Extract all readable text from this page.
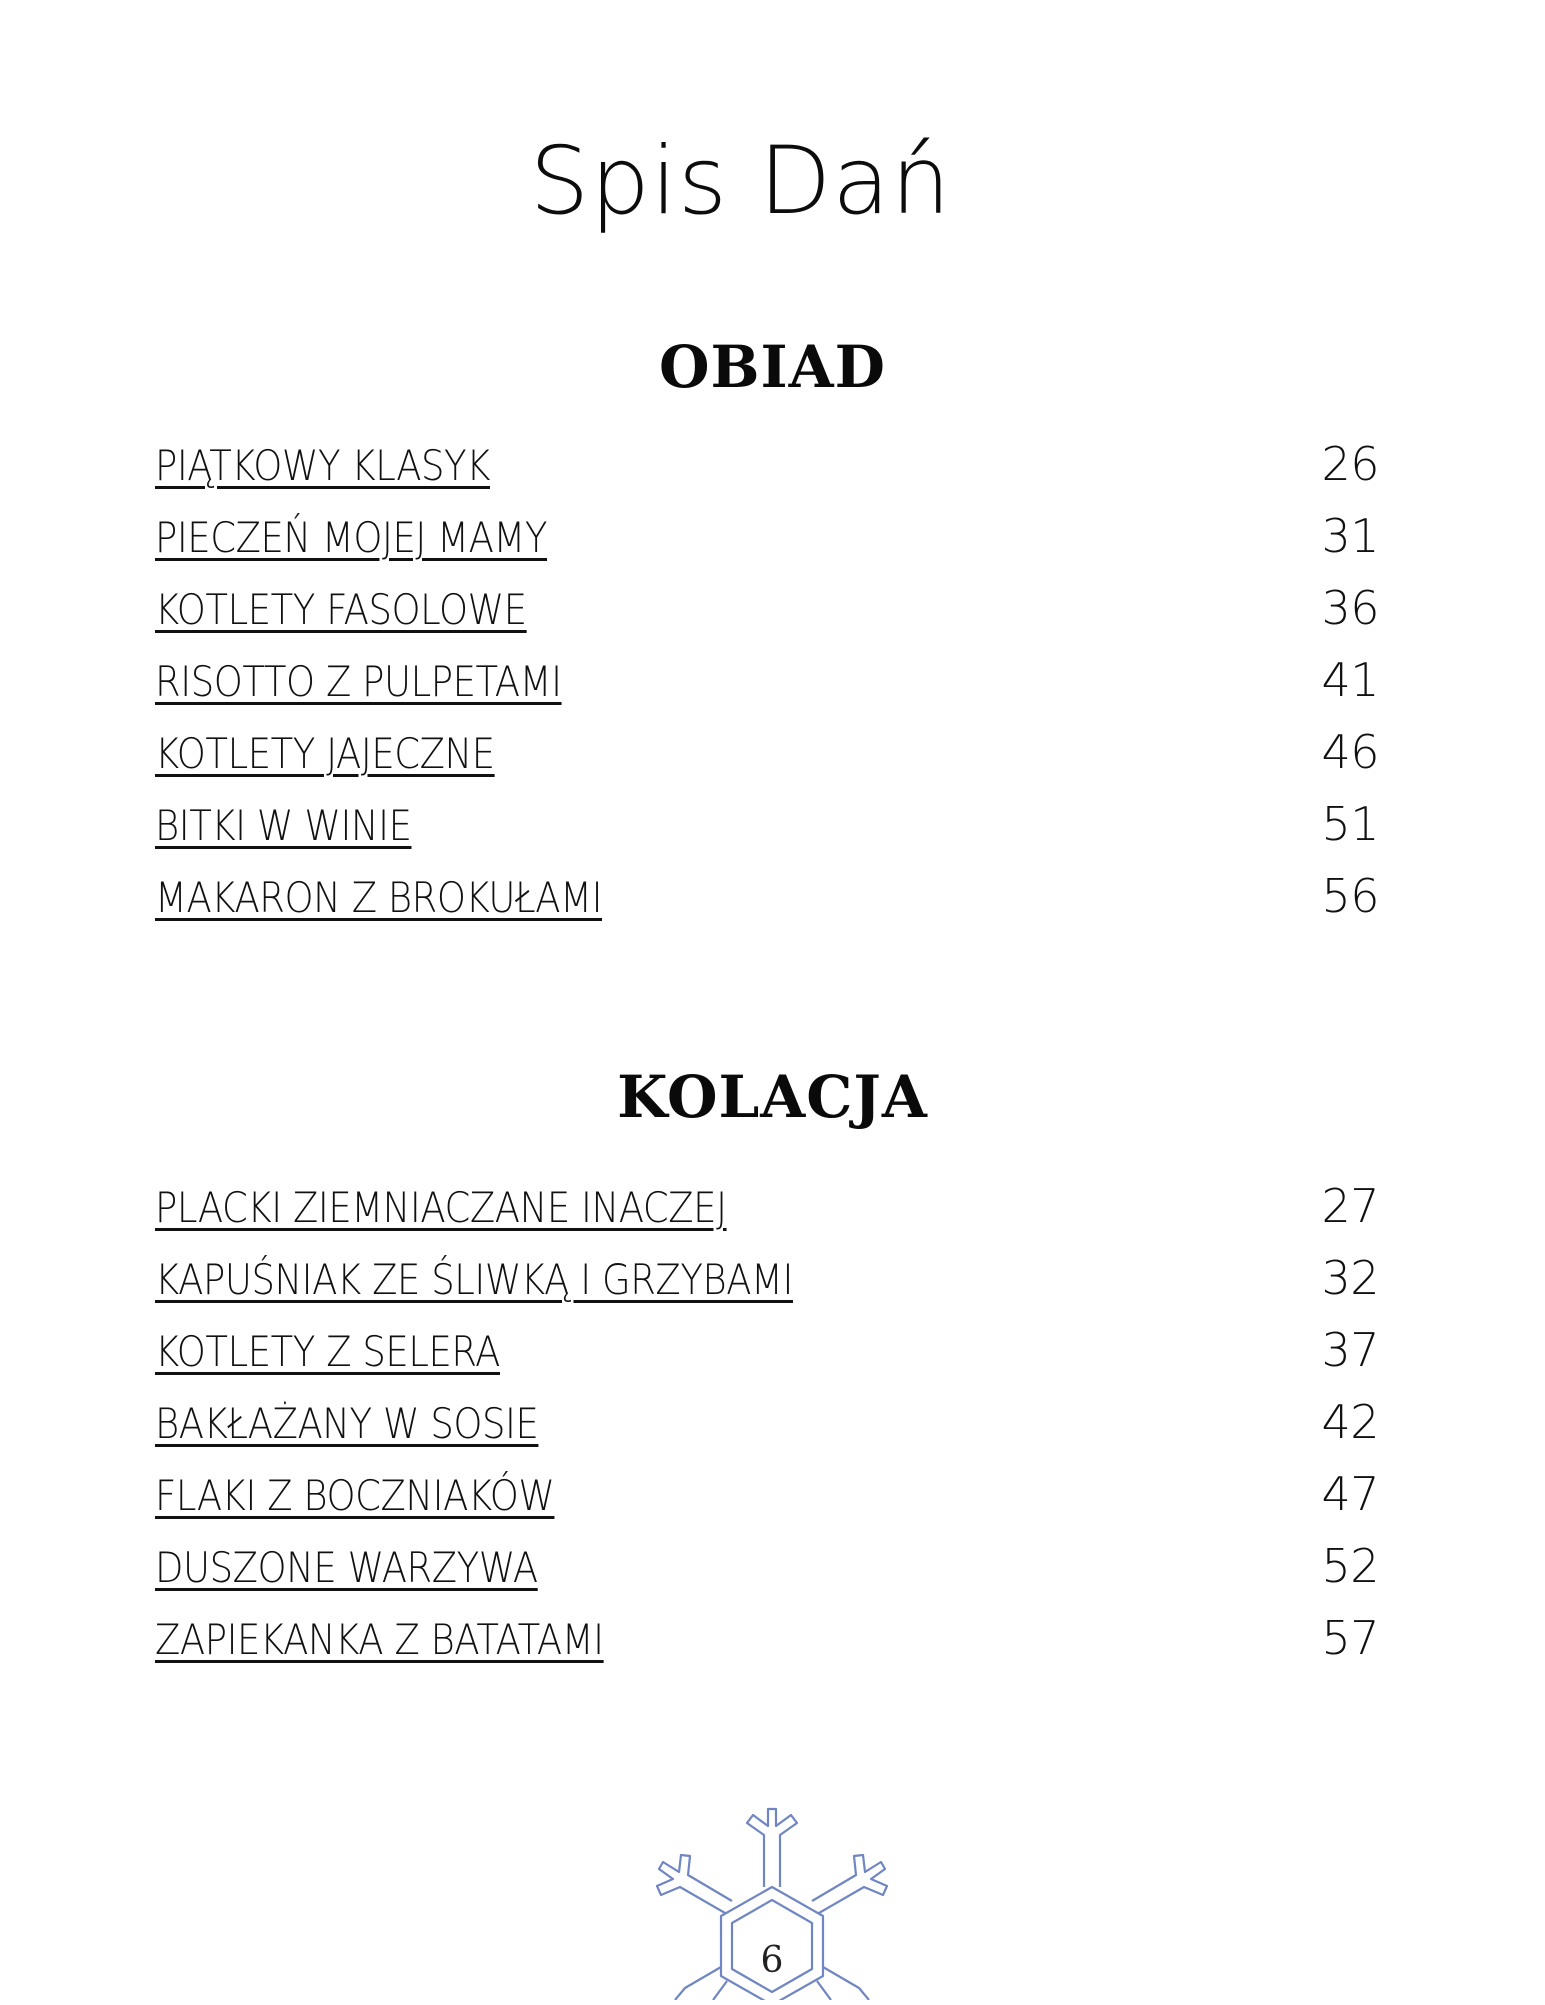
Spis Dań
OBIAD
PIĄTKOWY KLASYK	26
PIECZEŃ MOJEJ MAMY	31
KOTLETY FASOLOWE	36
RISOTTO Z PULPETAMI	41
KOTLETY JAJECZNE	46
BITKI W WINIE	51
MAKARON Z BROKUŁAMI	56
KOLACJA
PLACKI ZIEMNIACZANE INACZEJ	27
KAPUŚNIAK ZE ŚLIWKĄ I GRZYBAMI	32
KOTLETY Z SELERA	37
BAKŁAŻANY W SOSIE	42
FLAKI Z BOCZNIAKÓW	47
DUSZONE WARZYWA	52
ZAPIEKANKA Z BATATAMI	57
6
